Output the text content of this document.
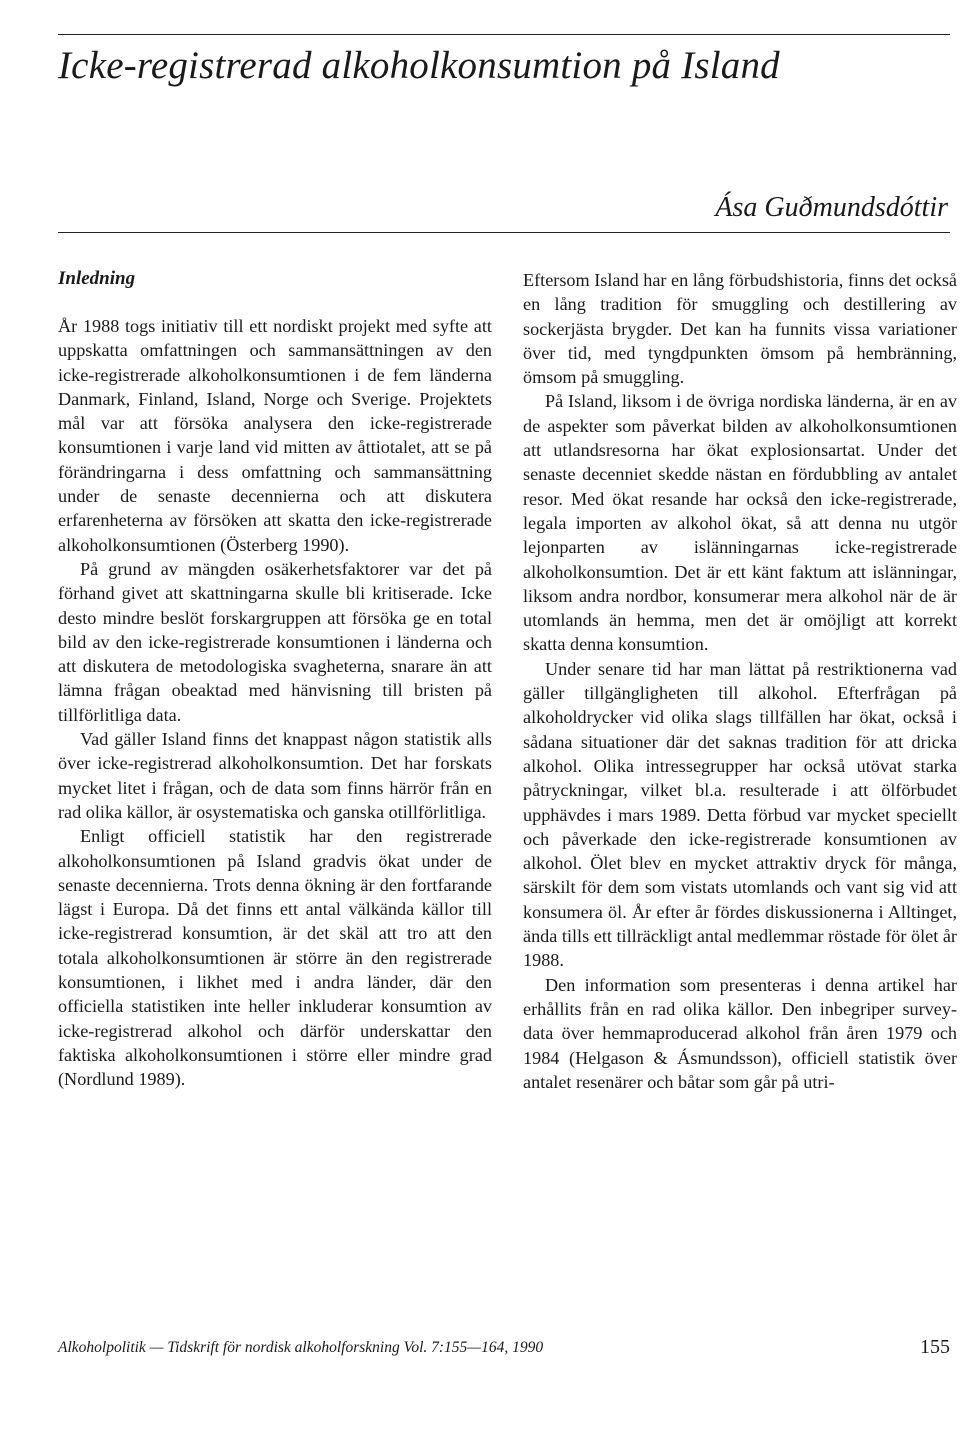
Icke-registrerad alkoholkonsumtion på Island
Ása Guðmundsdóttir
Inledning

År 1988 togs initiativ till ett nordiskt projekt med syfte att uppskatta omfattningen och sammansättningen av den icke-registrerade alkoholkonsumtionen i de fem länderna Danmark, Finland, Island, Norge och Sverige. Projektets mål var att försöka analysera den icke-registrerade konsumtionen i varje land vid mitten av åttiotalet, att se på förändringarna i dess omfattning och sammansättning under de senaste decennierna och att diskutera erfarenheterna av försöken att skatta den icke-registrerade alkoholkonsumtionen (Österberg 1990).

På grund av mängden osäkerhetsfaktorer var det på förhand givet att skattningarna skulle bli kritiserade. Icke desto mindre beslöt forskargruppen att försöka ge en total bild av den icke-registrerade konsumtionen i länderna och att diskutera de metodologiska svagheterna, snarare än att lämna frågan obeaktad med hänvisning till bristen på tillförlitliga data.

Vad gäller Island finns det knappast någon statistik alls över icke-registrerad alkoholkonsumtion. Det har forskats mycket litet i frågan, och de data som finns härrör från en rad olika källor, är osystematiska och ganska otillförlitliga.

Enligt officiell statistik har den registrerade alkoholkonsumtionen på Island gradvis ökat under de senaste decennierna. Trots denna ökning är den fortfarande lägst i Europa. Då det finns ett antal välkända källor till icke-registrerad konsumtion, är det skäl att tro att den totala alkoholkonsumtionen är större än den registrerade konsumtionen, i likhet med i andra länder, där den officiella statistiken inte heller inkluderar konsumtion av icke-registrerad alkohol och därför underskattar den faktiska alkoholkonsumtionen i större eller mindre grad (Nordlund 1989).

Eftersom Island har en lång förbudshistoria, finns det också en lång tradition för smuggling och destillering av sockerjästa brygder. Det kan ha funnits vissa variationer över tid, med tyngdpunkten ömsom på hembränning, ömsom på smuggling.

På Island, liksom i de övriga nordiska länderna, är en av de aspekter som påverkat bilden av alkoholkonsumtionen att utlandsresorna har ökat explosionsartat. Under det senaste decenniet skedde nästan en fördubbling av antalet resor. Med ökat resande har också den icke-registrerade, legala importen av alkohol ökat, så att denna nu utgör lejonparten av islänningarnas icke-registrerade alkoholkonsumtion. Det är ett känt faktum att islänningar, liksom andra nordbor, konsumerar mera alkohol när de är utomlands än hemma, men det är omöjligt att korrekt skatta denna konsumtion.

Under senare tid har man lättat på restriktionerna vad gäller tillgängligheten till alkohol. Efterfrågan på alkoholdrycker vid olika slags tillfällen har ökat, också i sådana situationer där det saknas tradition för att dricka alkohol. Olika intressegrupper har också utövat starka påtryckningar, vilket bl.a. resulterade i att ölförbudet upphävdes i mars 1989. Detta förbud var mycket speciellt och påverkade den icke-registrerade konsumtionen av alkohol. Ölet blev en mycket attraktiv dryck för många, särskilt för dem som vistats utomlands och vant sig vid att konsumera öl. År efter år fördes diskussionerna i Alltinget, ända tills ett tillräckligt antal medlemmar röstade för ölet år 1988.

Den information som presenteras i denna artikel har erhållits från en rad olika källor. Den inbegriper survey-data över hemmaproducerad alkohol från åren 1979 och 1984 (Helgason & Ásmundsson), officiell statistik över antalet resenärer och båtar som går på utri-

Alkoholpolitik — Tidskrift för nordisk alkoholforskning Vol. 7:155—164, 1990	155
